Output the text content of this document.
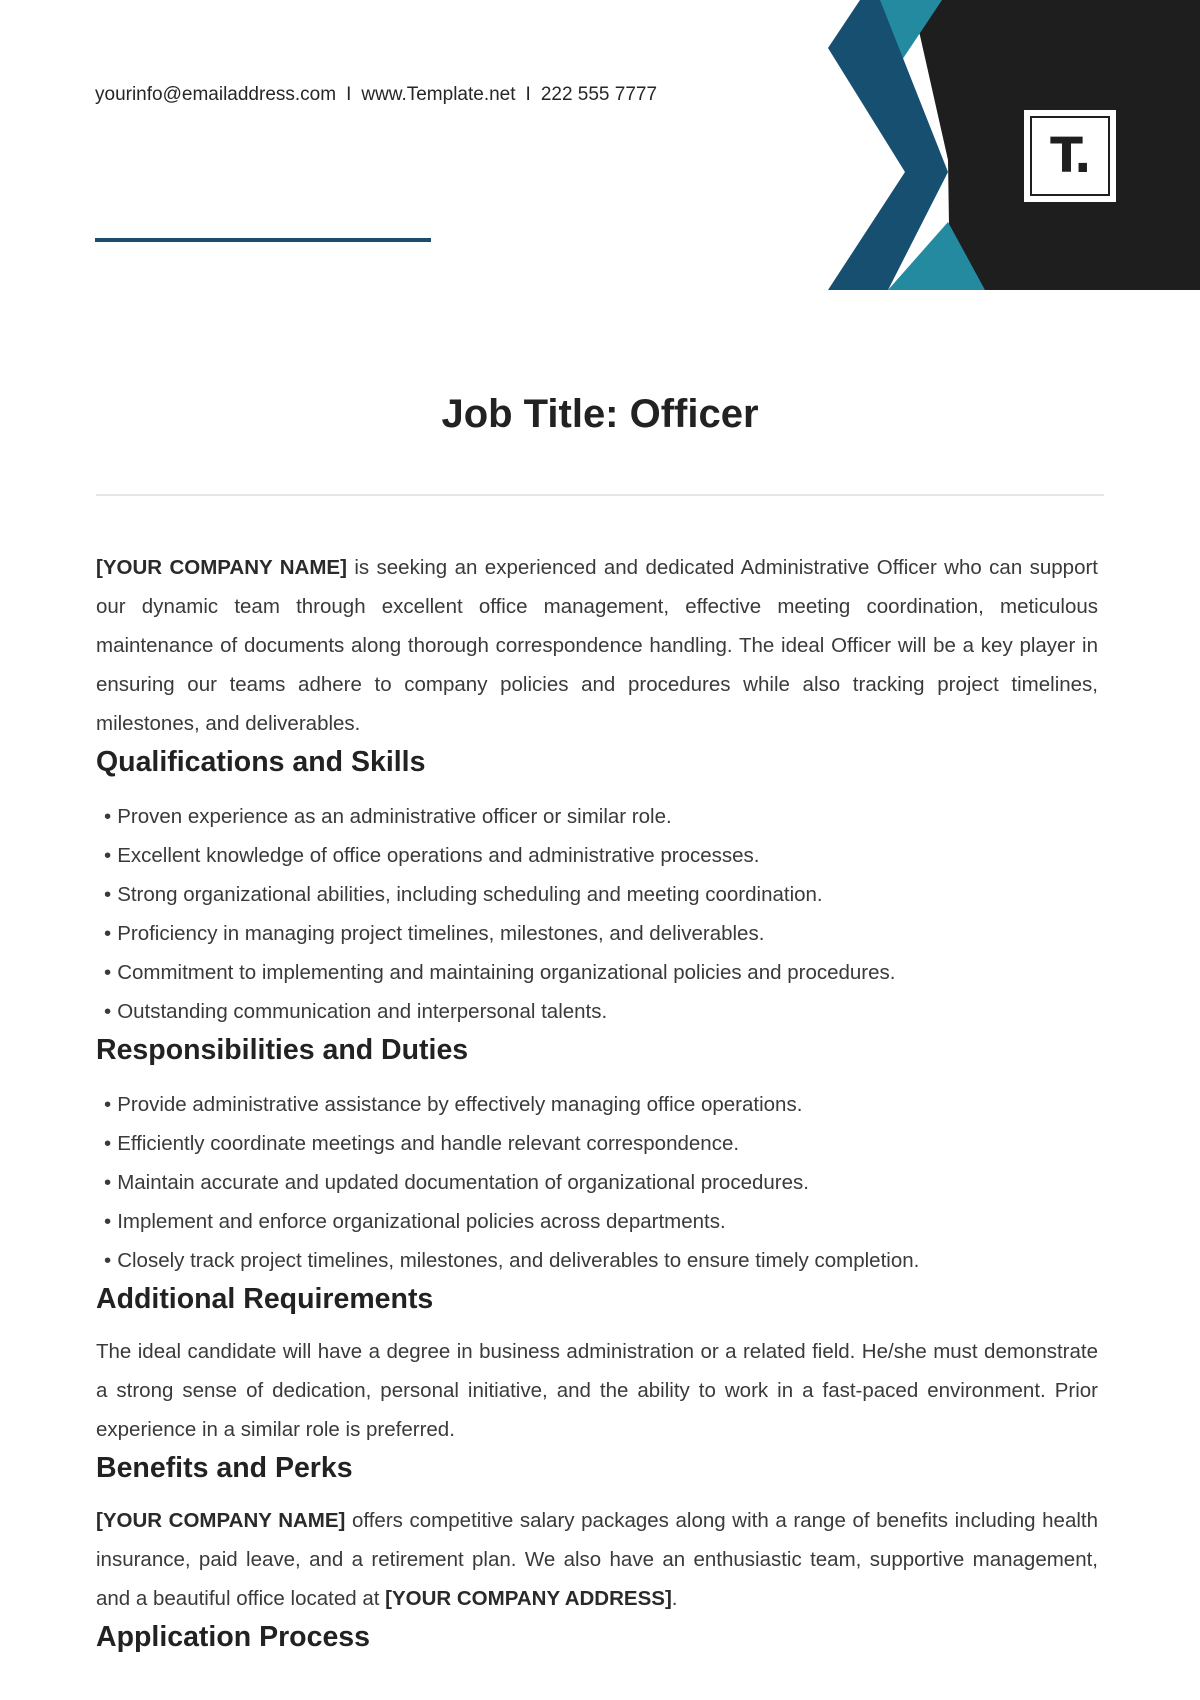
yourinfo@emailaddress.com I www.Template.net I 222 555 7777
T.
Job Title: Officer

[YOUR COMPANY NAME] is seeking an experienced and dedicated Administrative Officer who can support our dynamic team through excellent office management, effective meeting coordination, meticulous maintenance of documents along thorough correspondence handling. The ideal Officer will be a key player in ensuring our teams adhere to company policies and procedures while also tracking project timelines, milestones, and deliverables.

Qualifications and Skills
• Proven experience as an administrative officer or similar role.
• Excellent knowledge of office operations and administrative processes.
• Strong organizational abilities, including scheduling and meeting coordination.
• Proficiency in managing project timelines, milestones, and deliverables.
• Commitment to implementing and maintaining organizational policies and procedures.
• Outstanding communication and interpersonal talents.
Responsibilities and Duties
• Provide administrative assistance by effectively managing office operations.
• Efficiently coordinate meetings and handle relevant correspondence.
• Maintain accurate and updated documentation of organizational procedures.
• Implement and enforce organizational policies across departments.
• Closely track project timelines, milestones, and deliverables to ensure timely completion.
Additional Requirements

The ideal candidate will have a degree in business administration or a related field. He/she must demonstrate a strong sense of dedication, personal initiative, and the ability to work in a fast-paced environment. Prior experience in a similar role is preferred.

Benefits and Perks

[YOUR COMPANY NAME] offers competitive salary packages along with a range of benefits including health insurance, paid leave, and a retirement plan. We also have an enthusiastic team, supportive management, and a beautiful office located at [YOUR COMPANY ADDRESS].

Application Process
